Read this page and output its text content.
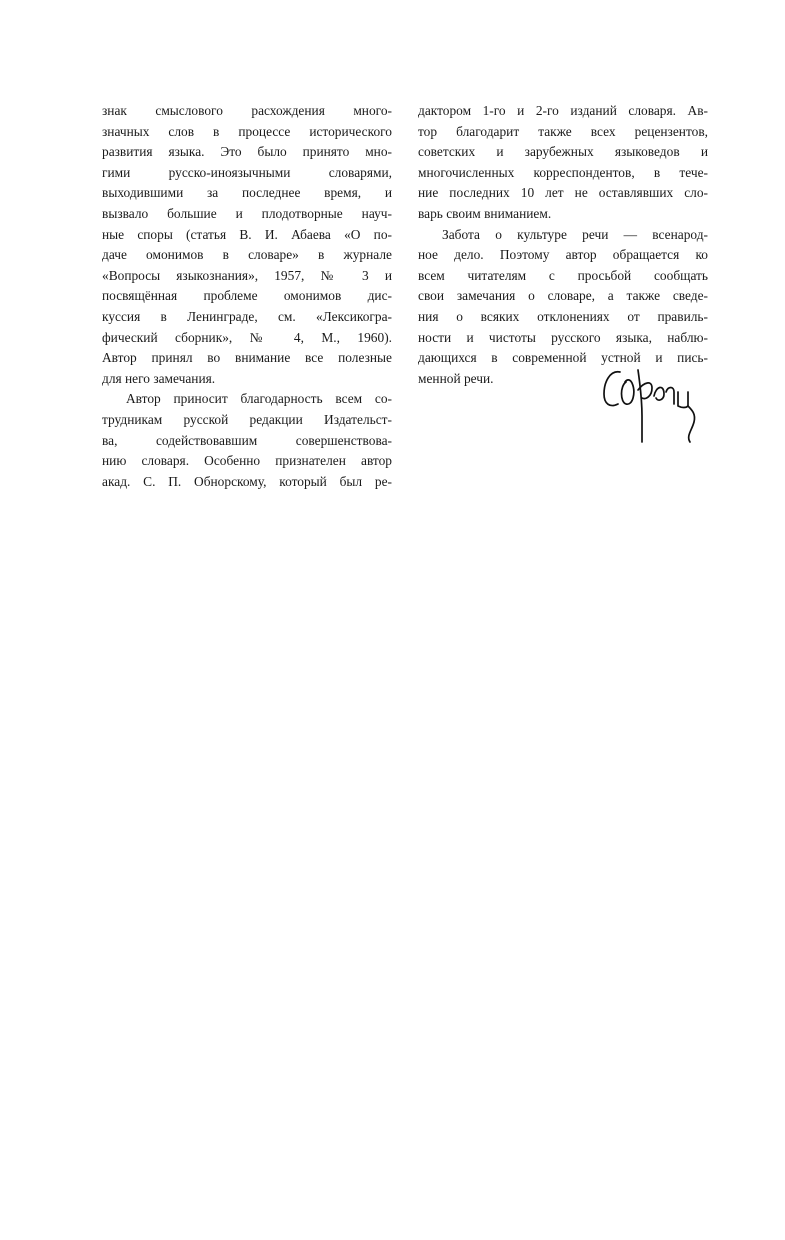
знак смыслового расхождения много-
значных слов в процессе исторического
развития языка. Это было принято мно-
гими русско-иноязычными словарями,
выходившими за последнее время, и
вызвало большие и плодотворные науч-
ные споры (статья В. И. Абаева «О по-
даче омонимов в словаре» в журнале
«Вопросы языкознания», 1957, № 3 и
посвящённая проблеме омонимов дис-
куссия в Ленинграде, см. «Лексикогра-
фический сборник», № 4, М., 1960).
Автор принял во внимание все полезные
для него замечания.
Автор приносит благодарность всем со-
трудникам русской редакции Издательст-
ва, содействовавшим совершенствова-
нию словаря. Особенно признателен автор
акад. С. П. Обнорскому, который был ре-
дактором 1-го и 2-го изданий словаря. Ав-
тор благодарит также всех рецензентов,
советских и зарубежных языковедов и
многочисленных корреспондентов, в тече-
ние последних 10 лет не оставлявших сло-
варь своим вниманием.
Забота о культуре речи — всенарод-
ное дело. Поэтому автор обращается ко
всем читателям с просьбой сообщать
свои замечания о словаре, а также сведе-
ния о всяких отклонениях от правиль-
ности и чистоты русского языка, наблю-
дающихся в современной устной и пись-
менной речи.
